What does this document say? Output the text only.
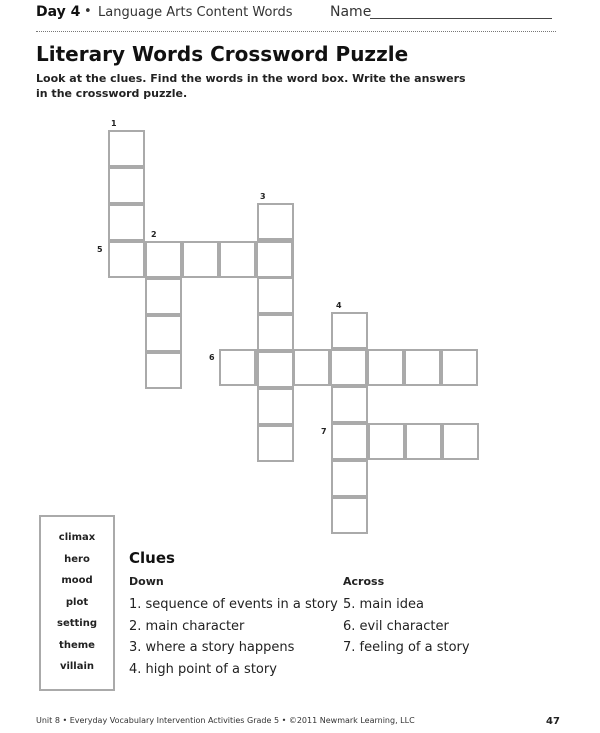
Day 4 • Language Arts Content Words	Name
Literary Words Crossword Puzzle
Look at the clues. Find the words in the word box. Write the answers in the crossword puzzle.
1
2
3
4
5
6
7
climax
hero
mood
plot
setting
theme
villain
Clues
Down	Across
1. sequence of events in a story
2. main character
3. where a story happens
4. high point of a story
5. main idea
6. evil character
7. feeling of a story
Unit 8 • Everyday Vocabulary Intervention Activities Grade 5 • ©2011 Newmark Learning, LLC	47
